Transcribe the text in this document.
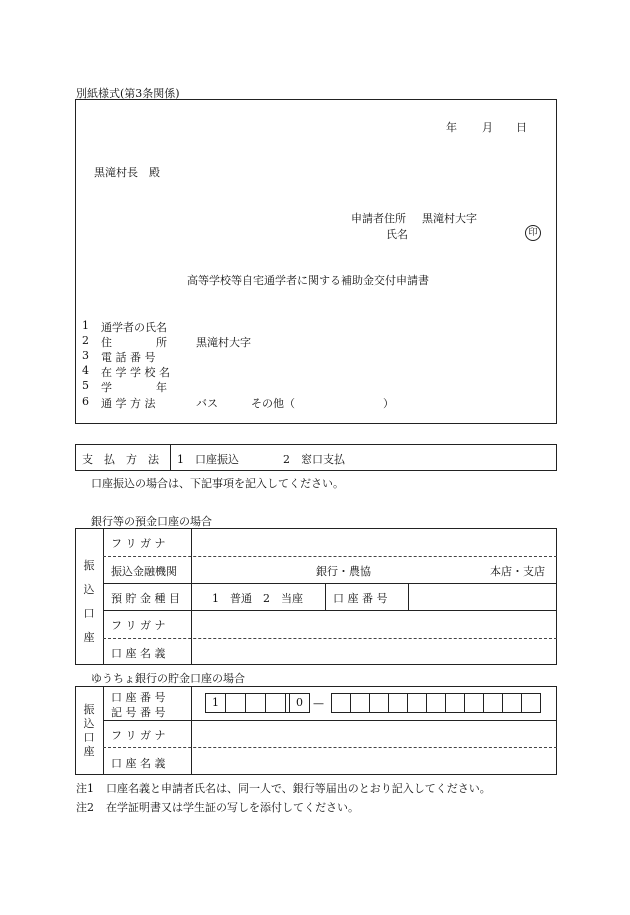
別紙様式(第3条関係)
年 月 日
黒滝村長　殿
申請者住所 黒滝村大字
氏名	印
高等学校等自宅通学者に関する補助金交付申請書
1 通学者の氏名
2 住　　　　所	黒滝村大字
3 電 話 番 号
4 在 学 学 校 名
5 学　　　　年
6 通 学 方 法	バス　　　その他（　　　　　　　　）
支　払　方　法 1　口座振込　　　　2　窓口支払
口座振込の場合は、下記事項を記入してください。
銀行等の預金口座の場合
振
込
口
座
フ リ ガ ナ
振込金融機関	銀行・農協	本店・支店
預 貯 金 種 目	1　普通　2　当座	口 座 番 号
フ リ ガ ナ
口 座 名 義
ゆうちょ銀行の貯金口座の場合
振
込
口
座
口 座 番 号
記 号 番 号
1	0 —
フ リ ガ ナ
口 座 名 義
注1 口座名義と申請者氏名は、同一人で、銀行等届出のとおり記入してください。
注2 在学証明書又は学生証の写しを添付してください。
